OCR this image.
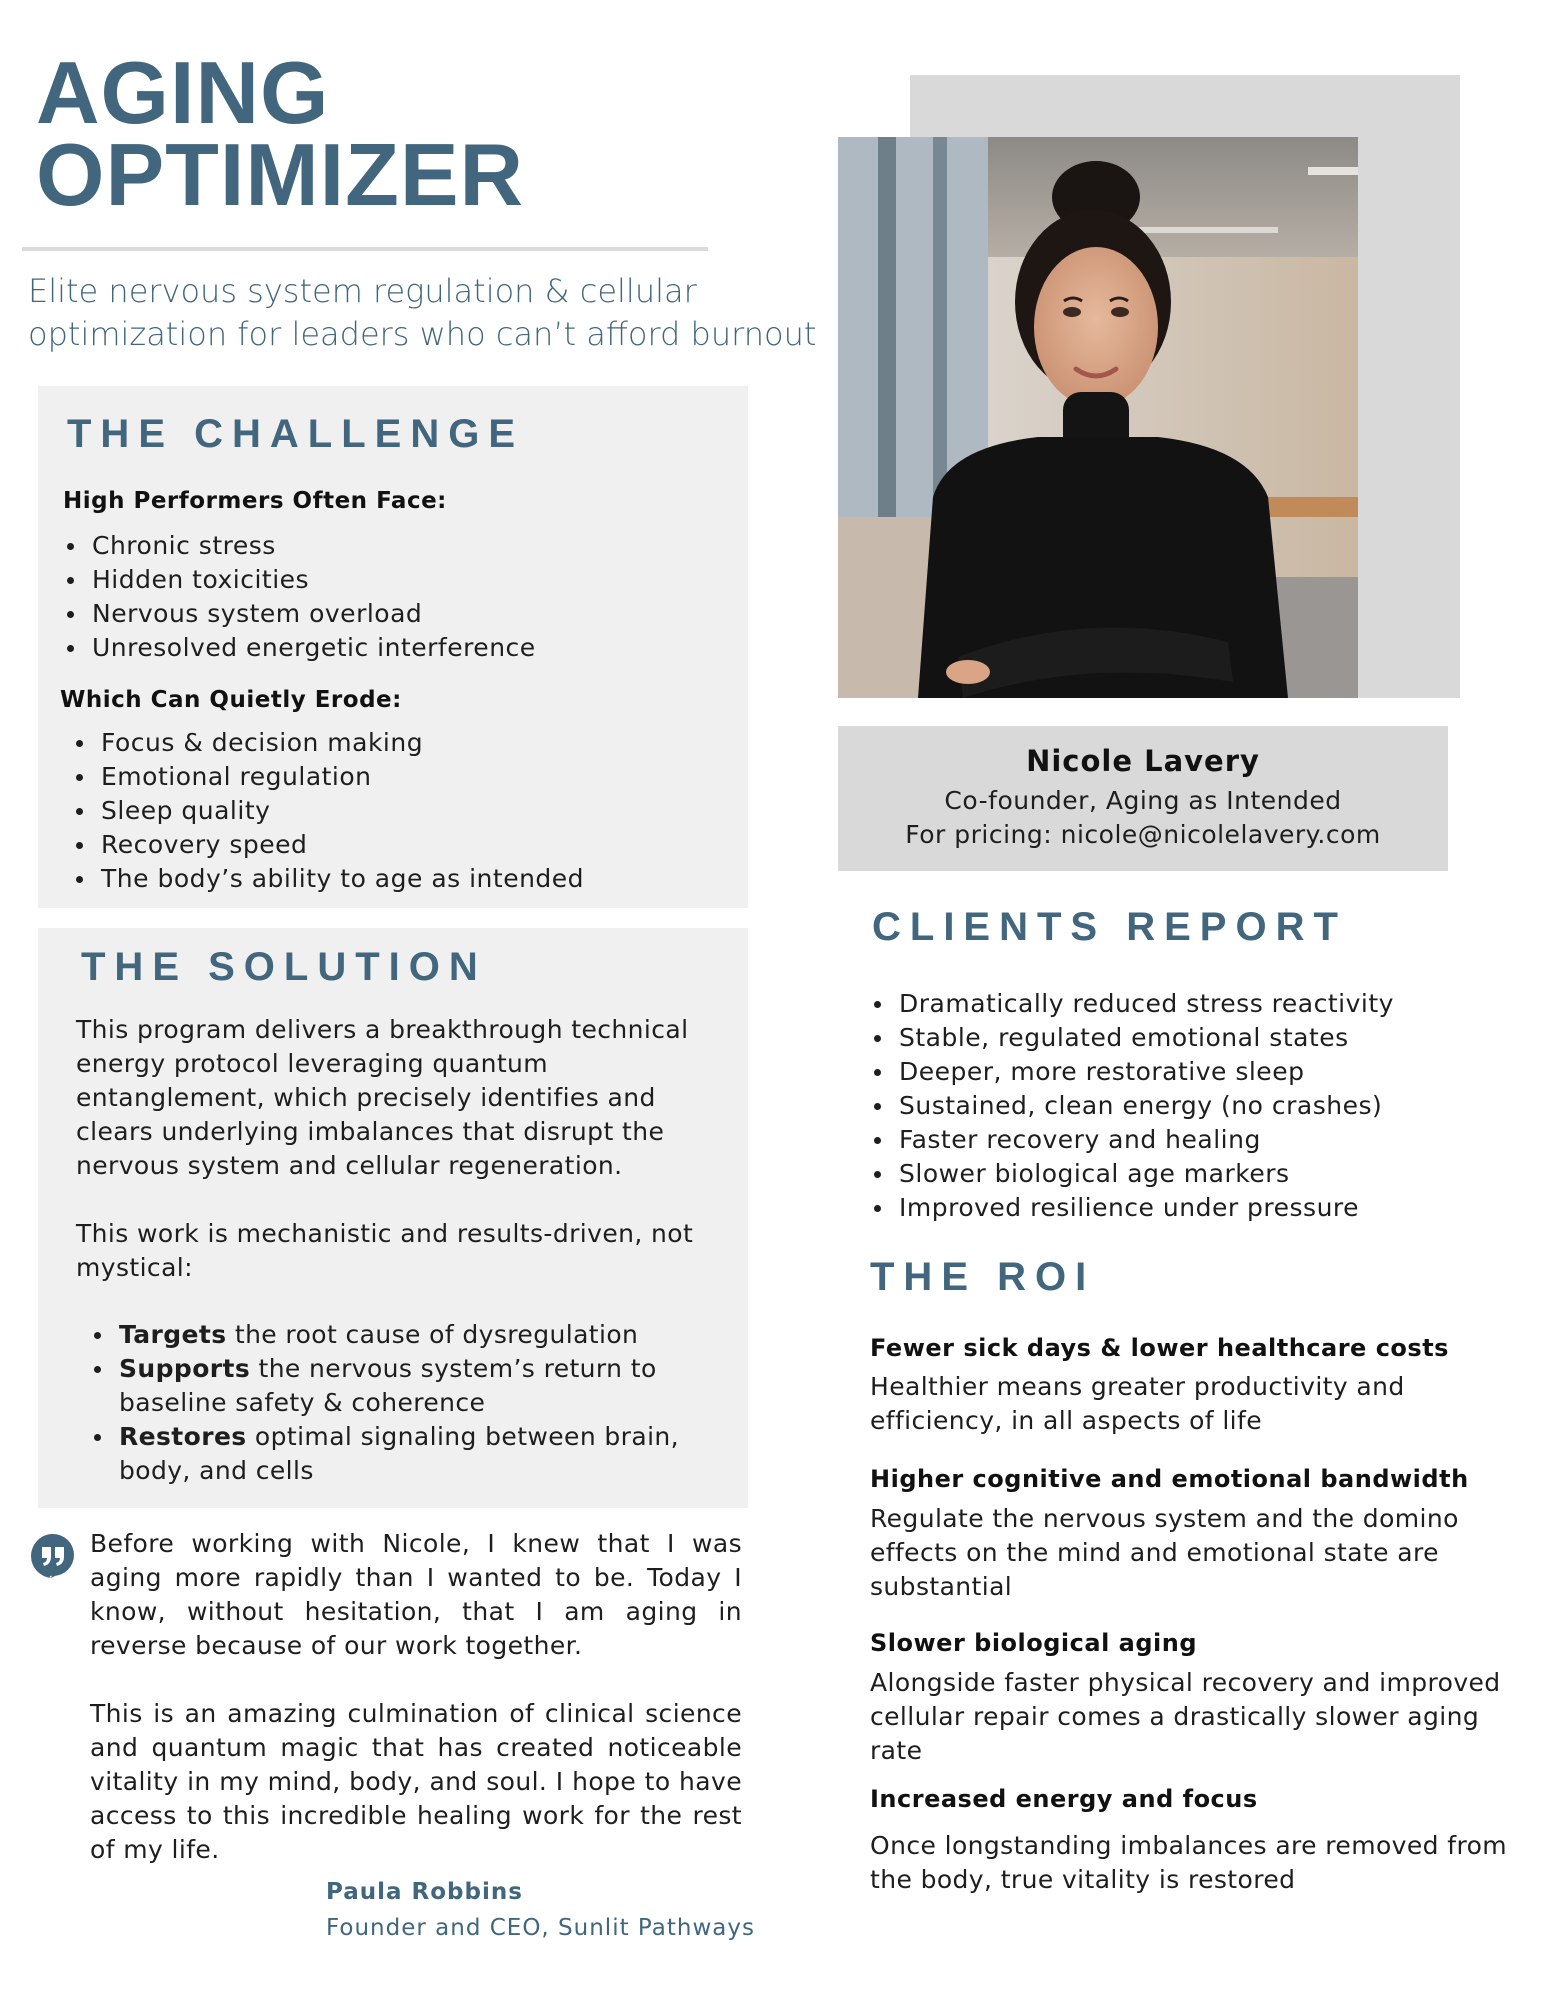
AGING
OPTIMIZER
Elite nervous system regulation & cellular optimization for leaders who can’t afford burnout
THE CHALLENGE
High Performers Often Face:
Chronic stress
Hidden toxicities
Nervous system overload
Unresolved energetic interference
Which Can Quietly Erode:
Focus & decision making
Emotional regulation
Sleep quality
Recovery speed
The body’s ability to age as intended
THE SOLUTION
This program delivers a breakthrough technical energy protocol leveraging quantum entanglement, which precisely identifies and clears underlying imbalances that disrupt the nervous system and cellular regeneration.
This work is mechanistic and results-driven, not mystical:
Targets the root cause of dysregulation
Supports the nervous system’s return to baseline safety & coherence
Restores optimal signaling between brain, body, and cells

Before working with Nicole, I knew that I was aging more rapidly than I wanted to be. Today I know, without hesitation, that I am aging in reverse because of our work together.

This is an amazing culmination of clinical science and quantum magic that has created noticeable vitality in my mind, body, and soul. I hope to have access to this incredible healing work for the rest of my life.

Paula Robbins
Founder and CEO, Sunlit Pathways
Nicole Lavery
Co-founder, Aging as Intended
For pricing: nicole@nicolelavery.com
CLIENTS REPORT
Dramatically reduced stress reactivity
Stable, regulated emotional states
Deeper, more restorative sleep
Sustained, clean energy (no crashes)
Faster recovery and healing
Slower biological age markers
Improved resilience under pressure
THE ROI
Fewer sick days & lower healthcare costs
Healthier means greater productivity and efficiency, in all aspects of life
Higher cognitive and emotional bandwidth
Regulate the nervous system and the domino effects on the mind and emotional state are substantial
Slower biological aging
Alongside faster physical recovery and improved cellular repair comes a drastically slower aging rate
Increased energy and focus
Once longstanding imbalances are removed from the body, true vitality is restored
